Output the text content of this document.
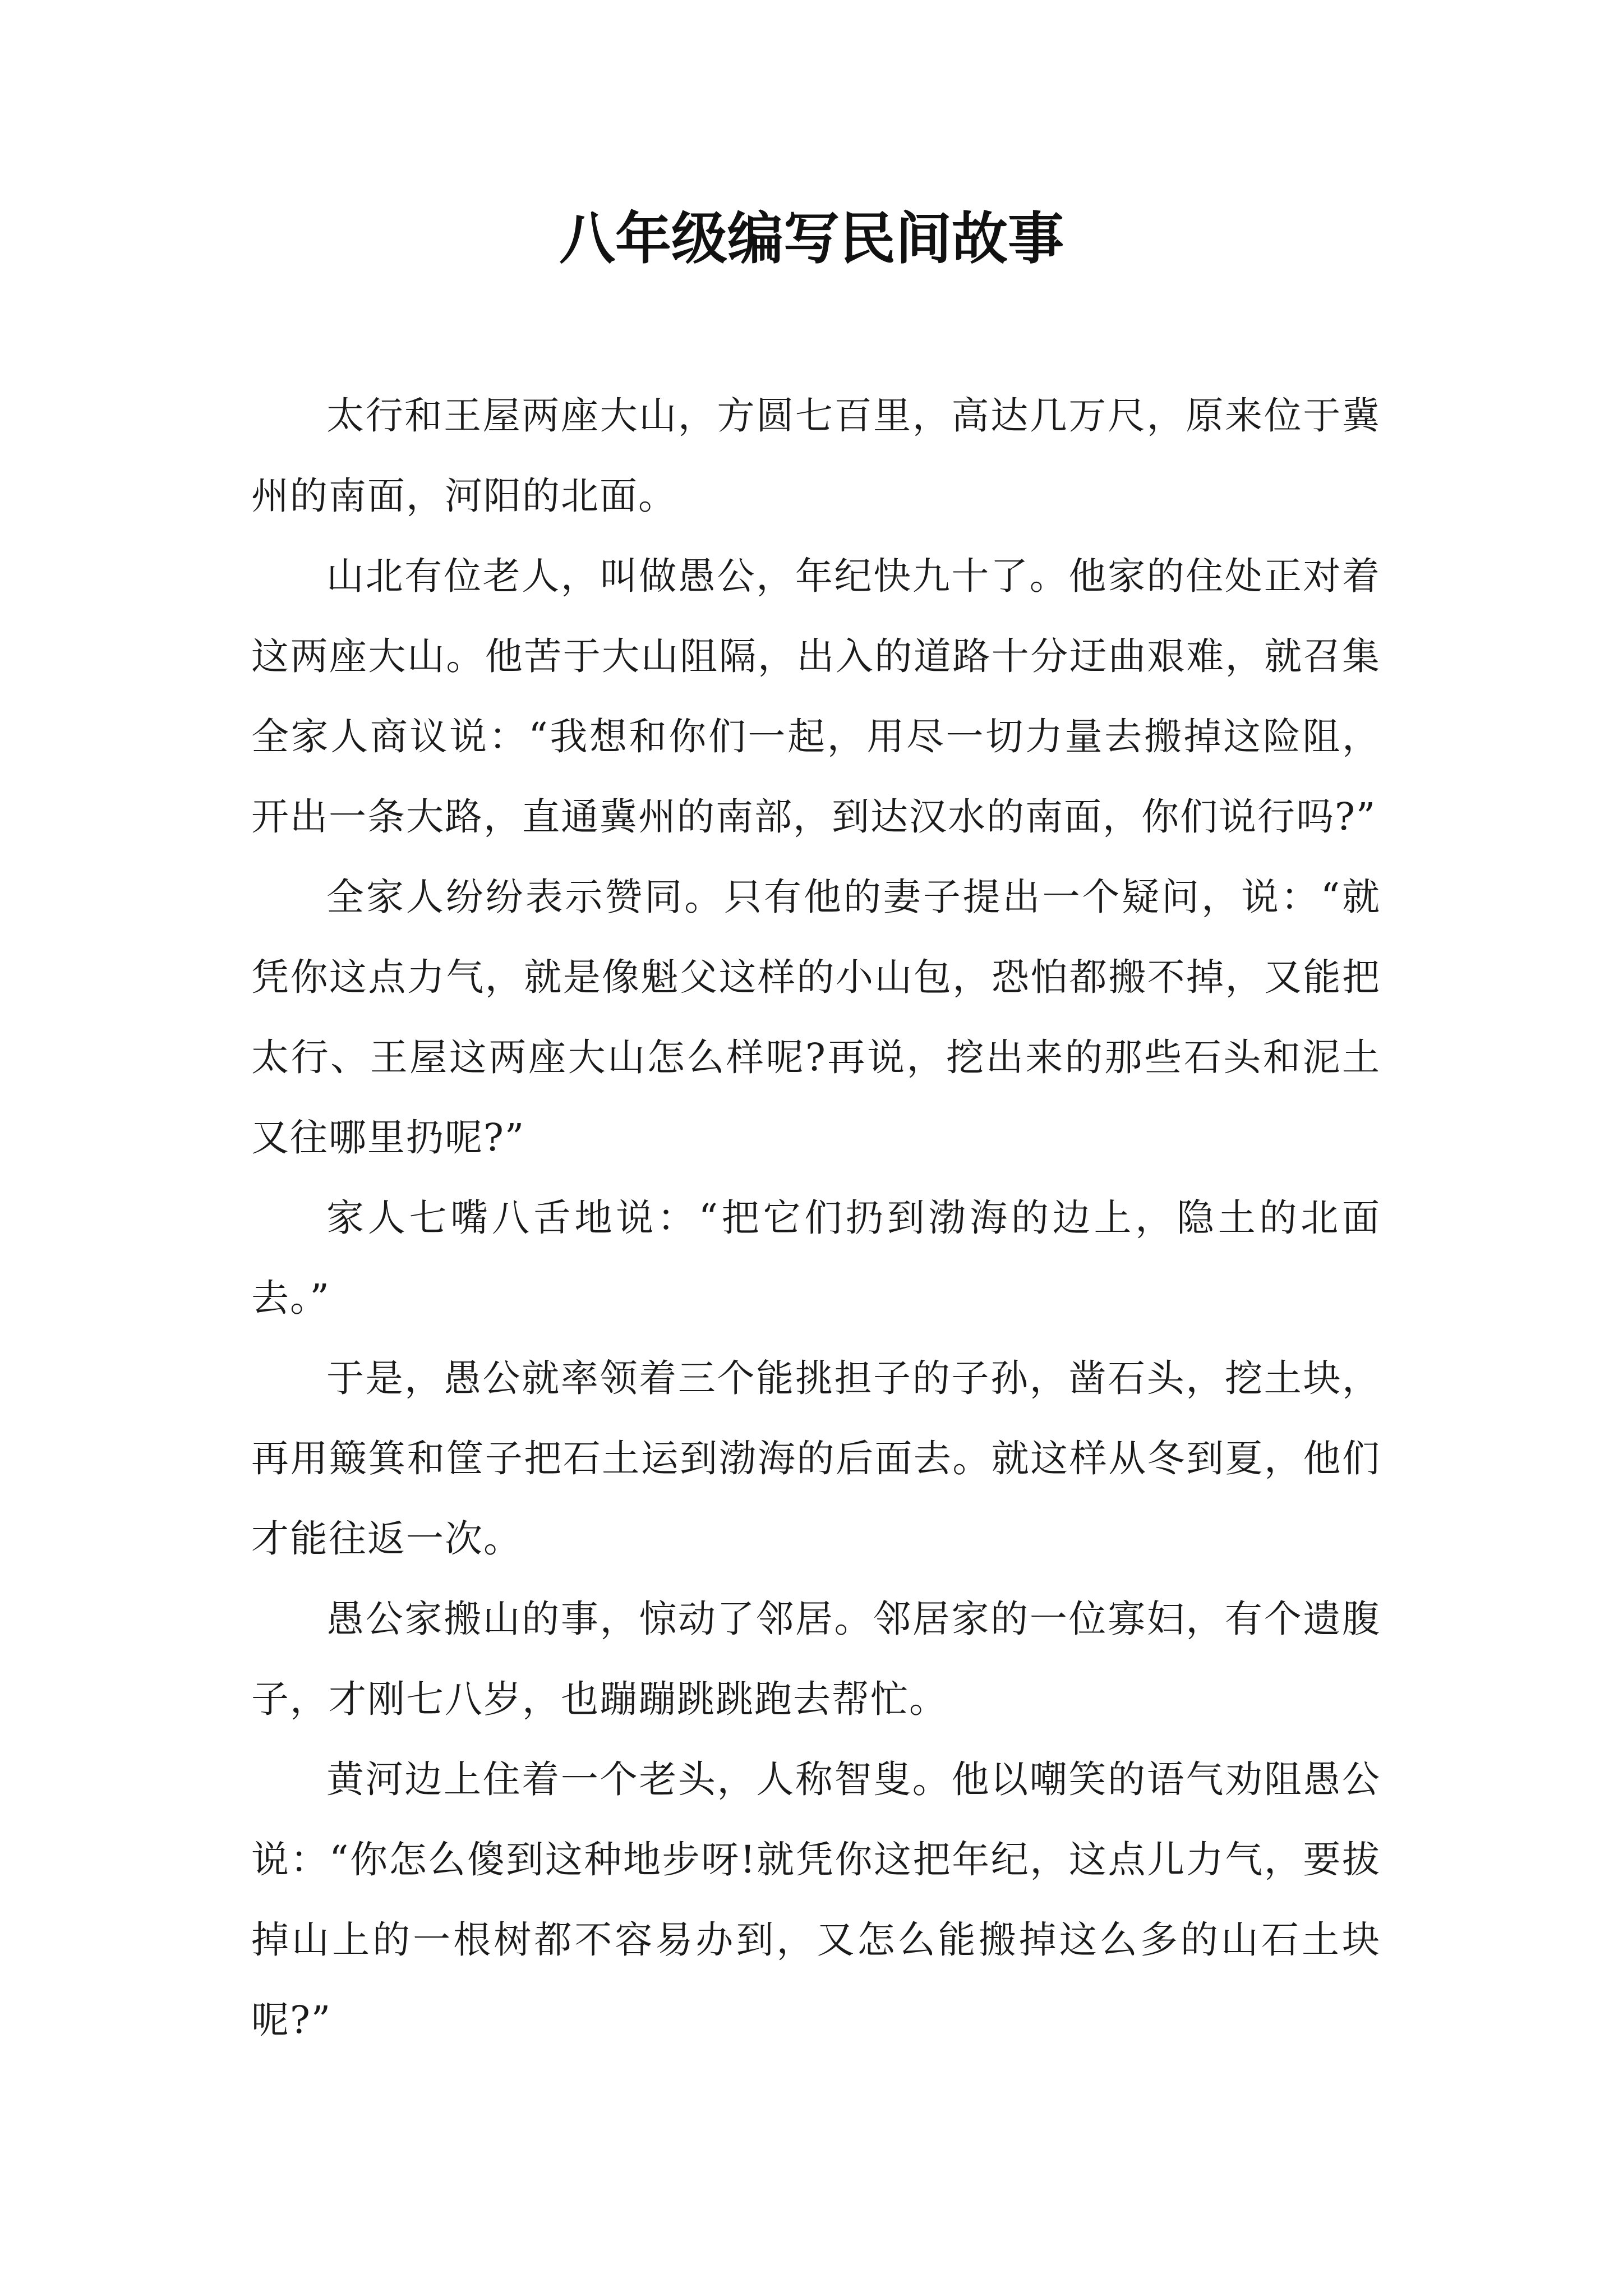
八年级编写民间故事

太行和王屋两座大山，方圆七百里，高达几万尺，原来位于冀州的南面，河阳的北面。

山北有位老人，叫做愚公，年纪快九十了。他家的住处正对着这两座大山。他苦于大山阻隔，出入的道路十分迂曲艰难，就召集全家人商议说：“我想和你们一起，用尽一切力量去搬掉这险阻，开出一条大路，直通冀州的南部，到达汉水的南面，你们说行吗?”

全家人纷纷表示赞同。只有他的妻子提出一个疑问，说：“就凭你这点力气，就是像魁父这样的小山包，恐怕都搬不掉，又能把太行、王屋这两座大山怎么样呢?再说，挖出来的那些石头和泥土又往哪里扔呢?”

家人七嘴八舌地说：“把它们扔到渤海的边上，隐土的北面去。”

于是，愚公就率领着三个能挑担子的子孙，凿石头，挖土块，再用簸箕和筐子把石土运到渤海的后面去。就这样从冬到夏，他们才能往返一次。

愚公家搬山的事，惊动了邻居。邻居家的一位寡妇，有个遗腹子，才刚七八岁，也蹦蹦跳跳跑去帮忙。

黄河边上住着一个老头，人称智叟。他以嘲笑的语气劝阻愚公说：“你怎么傻到这种地步呀!就凭你这把年纪，这点儿力气，要拔掉山上的一根树都不容易办到，又怎么能搬掉这么多的山石土块呢?”
